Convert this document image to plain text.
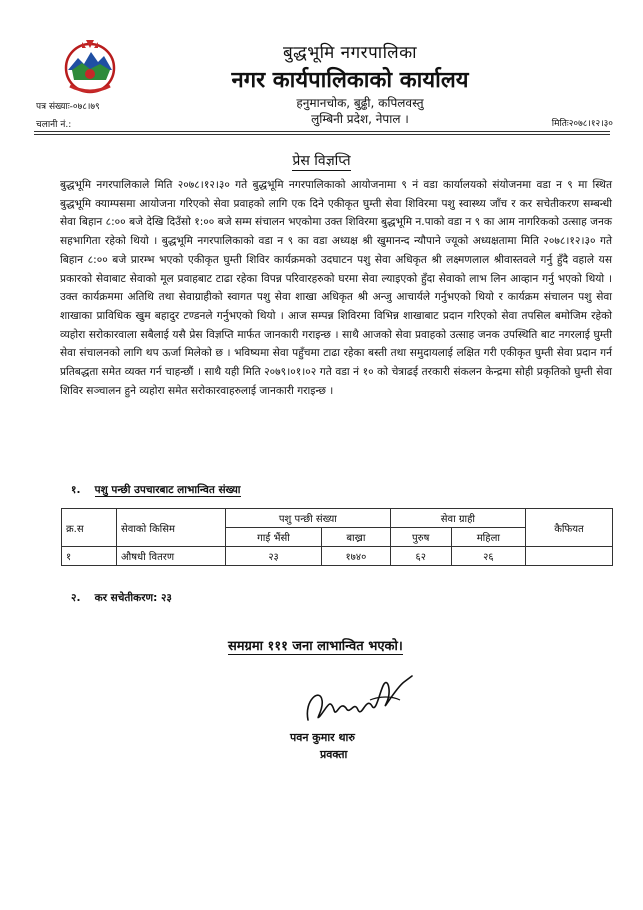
बुद्धभूमि नगरपालिका
नगर कार्यपालिकाको कार्यालय
हनुमानचोक, बुढ्ढी, कपिलवस्तु
लुम्बिनी प्रदेश, नेपाल ।
पत्र संख्याः-०७८।७९
चलानी नं.:	मितिः२०७८।१२।३०
प्रेस विज्ञप्ति

बुद्धभूमि नगरपालिकाले मिति २०७८।१२।३० गते बुद्धभूमि नगरपालिकाको आयोजनामा ९ नं वडा कार्यालयको संयोजनमा वडा न ९ मा स्थित बुद्धभूमि क्याम्पसमा आयोजना गरिएको सेवा प्रवाहको लागि एक दिने एकीकृत घुम्ती सेवा शिविरमा पशु स्वास्थ्य जाँच र कर सचेतीकरण सम्बन्धी सेवा बिहान ८:०० बजे देखि दिउँसो १:०० बजे सम्म संचालन भएकोमा उक्त शिविरमा बुद्धभूमि न.पाको वडा न ९ का आम नागरिकको उत्साह जनक सहभागिता रहेको थियो । बुद्धभूमि नगरपालिकाको वडा न ९ का वडा अध्यक्ष श्री खुमानन्द न्यौपाने ज्यूको अध्यक्षतामा मिति २०७८।१२।३० गते बिहान ८:०० बजे प्रारम्भ भएको एकीकृत घुम्ती शिविर कार्यक्रमको उदघाटन पशु सेवा अधिकृत श्री लक्ष्मणलाल श्रीवास्तवले गर्नु हुँदै वहाले यस प्रकारको सेवाबाट सेवाको मूल प्रवाहबाट टाढा रहेका विपन्न परिवारहरुको घरमा सेवा ल्याइएको हुँदा सेवाको लाभ लिन आव्हान गर्नु भएको थियो । उक्त कार्यक्रममा अतिथि तथा सेवाग्राहीको स्वागत पशु सेवा शाखा अधिकृत श्री अन्जु आचार्यले गर्नुभएको थियो र कार्यक्रम संचालन पशु सेवा शाखाका प्राविधिक खुम बहादुर टण्डनले गर्नुभएको थियो । आज सम्पन्न शिविरमा विभिन्न शाखाबाट प्रदान गरिएको सेवा तपसिल बमोजिम रहेको व्यहोरा सरोकारवाला सबैलाई यसै प्रेस विज्ञप्ति मार्फत जानकारी गराइन्छ । साथै आजको सेवा प्रवाहको उत्साह जनक उपस्थिति बाट नगरलाई घुम्ती सेवा संचालनको लागि थप ऊर्जा मिलेको छ । भविष्यमा सेवा पहुँचमा टाढा रहेका बस्ती तथा समुदायलाई लक्षित गरी एकीकृत घुम्ती सेवा प्रदान गर्न प्रतिबद्धता समेत व्यक्त गर्न चाहन्छौं । साथै यही मिति २०७९।०१।०२ गते वडा नं १० को चेत्राढई तरकारी संकलन केन्द्रमा सोही प्रकृतिको घुम्ती सेवा शिविर सञ्चालन हुने व्यहोरा समेत सरोकारवाहरुलाई जानकारी गराइन्छ ।

१. पशु पन्छी उपचारबाट लाभान्वित संख्या
क्र.स	सेवाको किसिम	पशु पन्छी संख्या		सेवा ग्राही		कैफियत
		गाई भैंसी	बाख्रा	पुरुष	महिला	
१	औषधी वितरण	२३	१७४०	६२	२६	
२. कर सचेतीकरण: २३
समग्रमा १११ जना लाभान्वित भएको।
पवन कुमार थारु
प्रवक्ता
